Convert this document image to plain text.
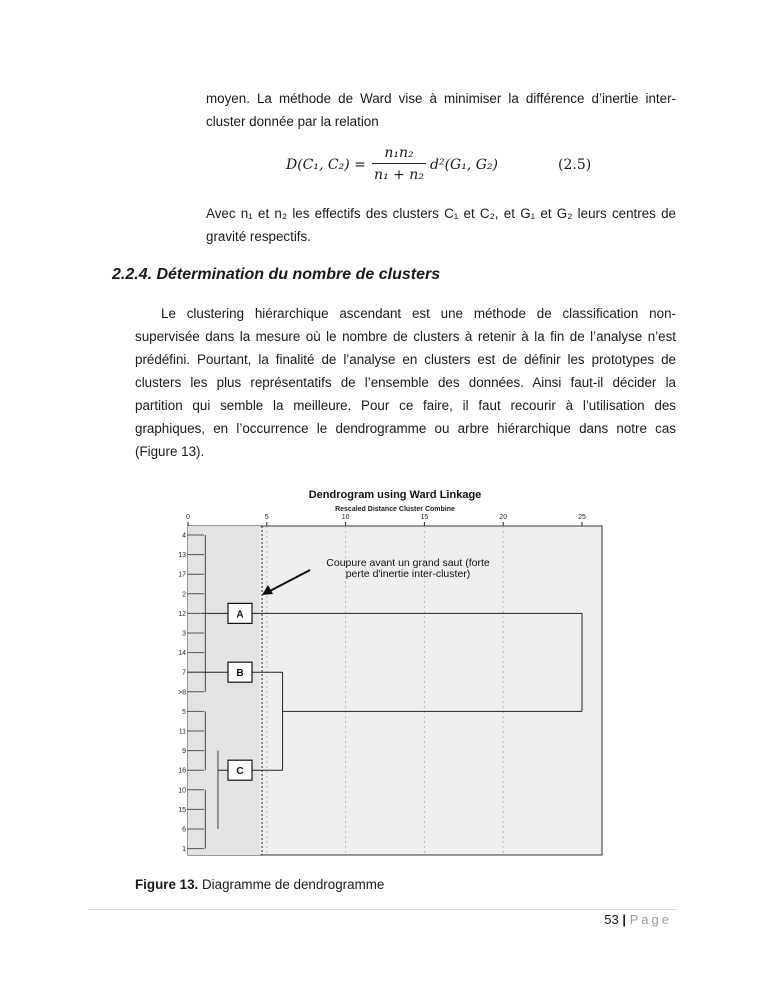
moyen. La méthode de Ward vise à minimiser la différence d’inertie inter-
cluster donnée par la relation
D(C₁, C₂) =
n₁n₂
n₁ + n₂
d²(G₁, G₂)	(2.5)
Avec n₁ et n₂ les effectifs des clusters C₁ et C₂, et G₁ et G₂ leurs centres de
gravité respectifs.
2.2.4. Détermination du nombre de clusters
Le clustering hiérarchique ascendant est une méthode de classification non-
supervisée dans la mesure où le nombre de clusters à retenir à la fin de l’analyse n’est
prédéfini. Pourtant, la finalité de l’analyse en clusters est de définir les prototypes de
clusters les plus représentatifs de l’ensemble des données. Ainsi faut-il décider la
partition qui semble la meilleure. Pour ce faire, il faut recourir à l’utilisation des
graphiques, en l’occurrence le dendrogramme ou arbre hiérarchique dans notre cas
(Figure 13).
Dendrogram using Ward Linkage
Rescaled Distance Cluster Combine
0	5	10	15	20	25
4
13
17
2
12
3
14
7
>8
5
11
9
16
10
15
6
1
Coupure avant un grand saut (forte
perte d'inertie inter-cluster)
A
B
C
Figure 13. Diagramme de dendrogramme
53 | Page
